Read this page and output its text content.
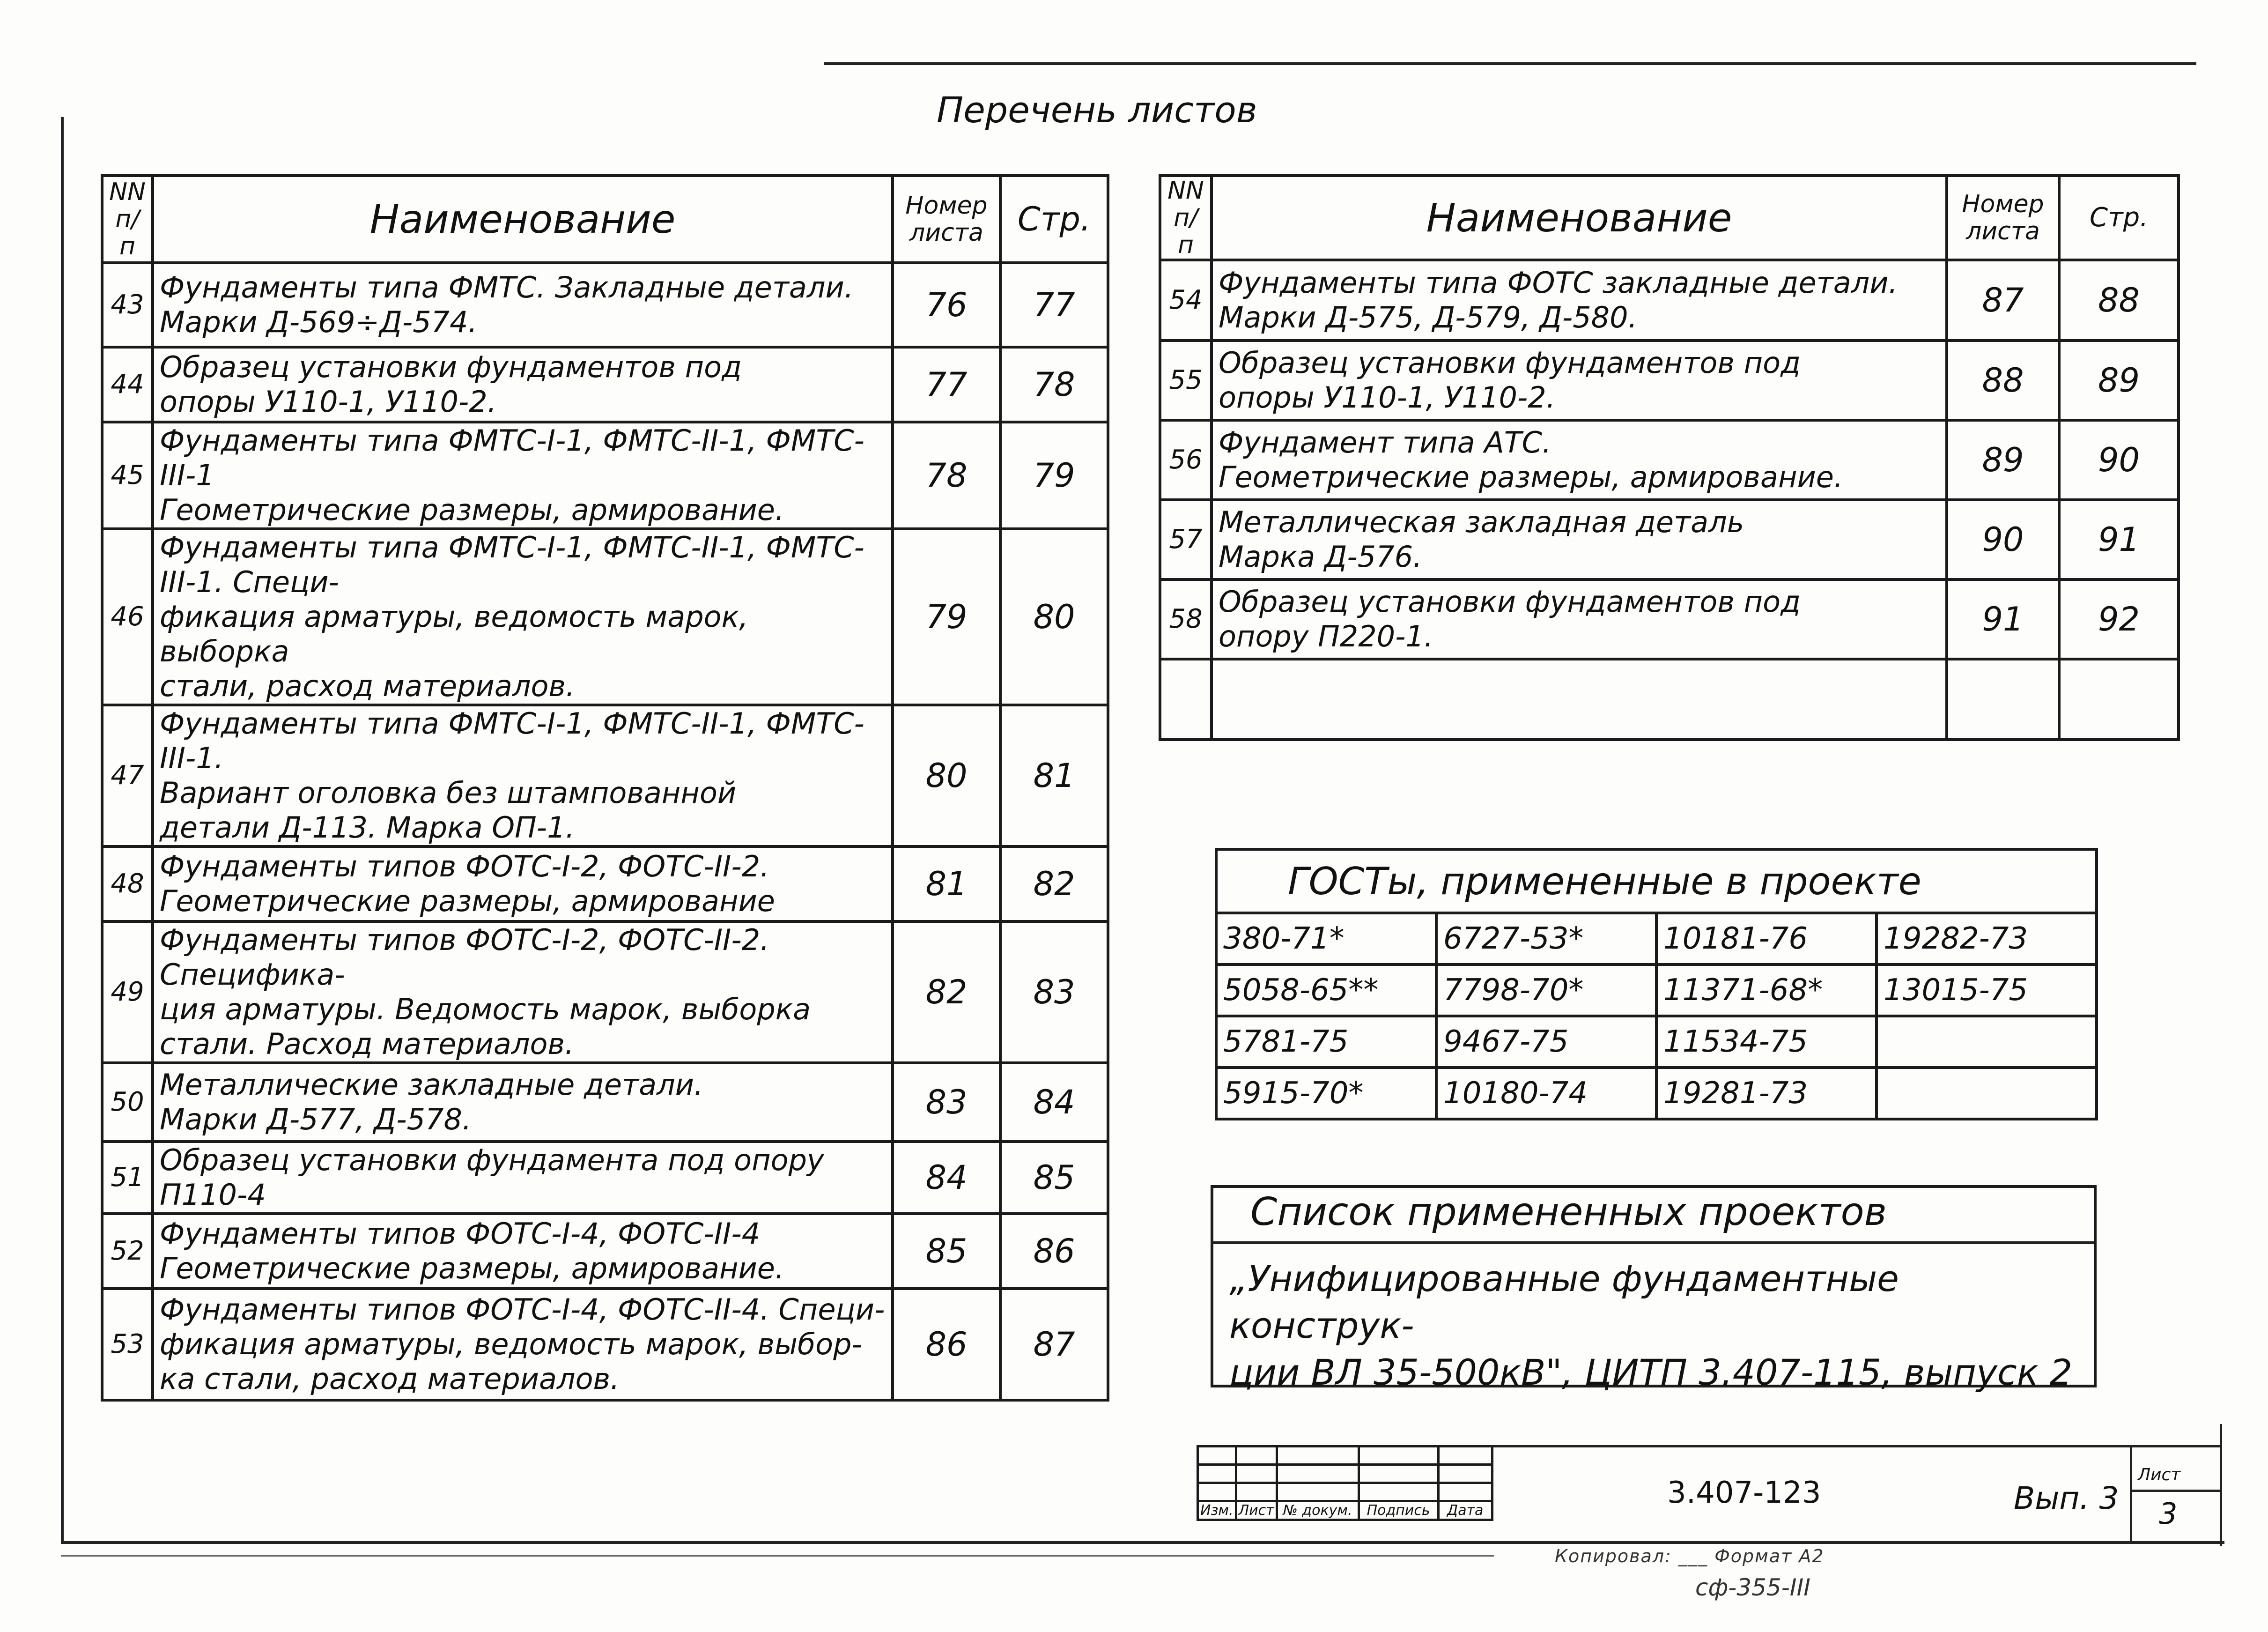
Перечень листов
NN п/п	Наименование	Номер листа	Стр.
43	Фундаменты типа ФМТС. Закладные детали.
Марки Д-569÷Д-574.	76	77
44	Образец установки фундаментов под
опоры У110-1, У110-2.	77	78
45	Фундаменты типа ФМТС-I-1, ФМТС-II-1, ФМТС-III-1
Геометрические размеры, армирование.	78	79
46	Фундаменты типа ФМТС-I-1, ФМТС-II-1, ФМТС-III-1. Специ-
фикация арматуры, ведомость марок, выборка
стали, расход материалов.	79	80
47	Фундаменты типа ФМТС-I-1, ФМТС-II-1, ФМТС-III-1.
Вариант оголовка без штампованной
детали Д-113. Марка ОП-1.	80	81
48	Фундаменты типов ФОТС-I-2, ФОТС-II-2.
Геометрические размеры, армирование	81	82
49	Фундаменты типов ФОТС-I-2, ФОТС-II-2. Специфика-
ция арматуры. Ведомость марок, выборка
стали. Расход материалов.	82	83
50	Металлические закладные детали.
Марки Д-577, Д-578.	83	84
51	Образец установки фундамента под опору П110-4	84	85
52	Фундаменты типов ФОТС-I-4, ФОТС-II-4
Геометрические размеры, армирование.	85	86
53	Фундаменты типов ФОТС-I-4, ФОТС-II-4. Специ-
фикация арматуры, ведомость марок, выбор-
ка стали, расход материалов.	86	87
NN п/п	Наименование	Номер листа	Стр.
54	Фундаменты типа ФОТС закладные детали.
Марки Д-575, Д-579, Д-580.	87	88
55	Образец установки фундаментов под
опоры У110-1, У110-2.	88	89
56	Фундамент типа АТС.
Геометрические размеры, армирование.	89	90
57	Металлическая закладная деталь
Марка Д-576.	90	91
58	Образец установки фундаментов под
опору П220-1.	91	92

ГОСТы, примененные в проекте			
380-71*	6727-53*	10181-76	19282-73
5058-65**	7798-70*	11371-68*	13015-75
5781-75	9467-75	11534-75	
5915-70*	10180-74	19281-73	
Список примененных проектов
„Унифицированные фундаментные конструк-
ции ВЛ 35-500кВ", ЦИТП 3.407-115, выпуск 2

Изм.	Лист	№ докум.	Подпись	Дата
3.407-123	Вып. 3
Лист
3
Копировал: ___ Формат А2
сф-355-III
